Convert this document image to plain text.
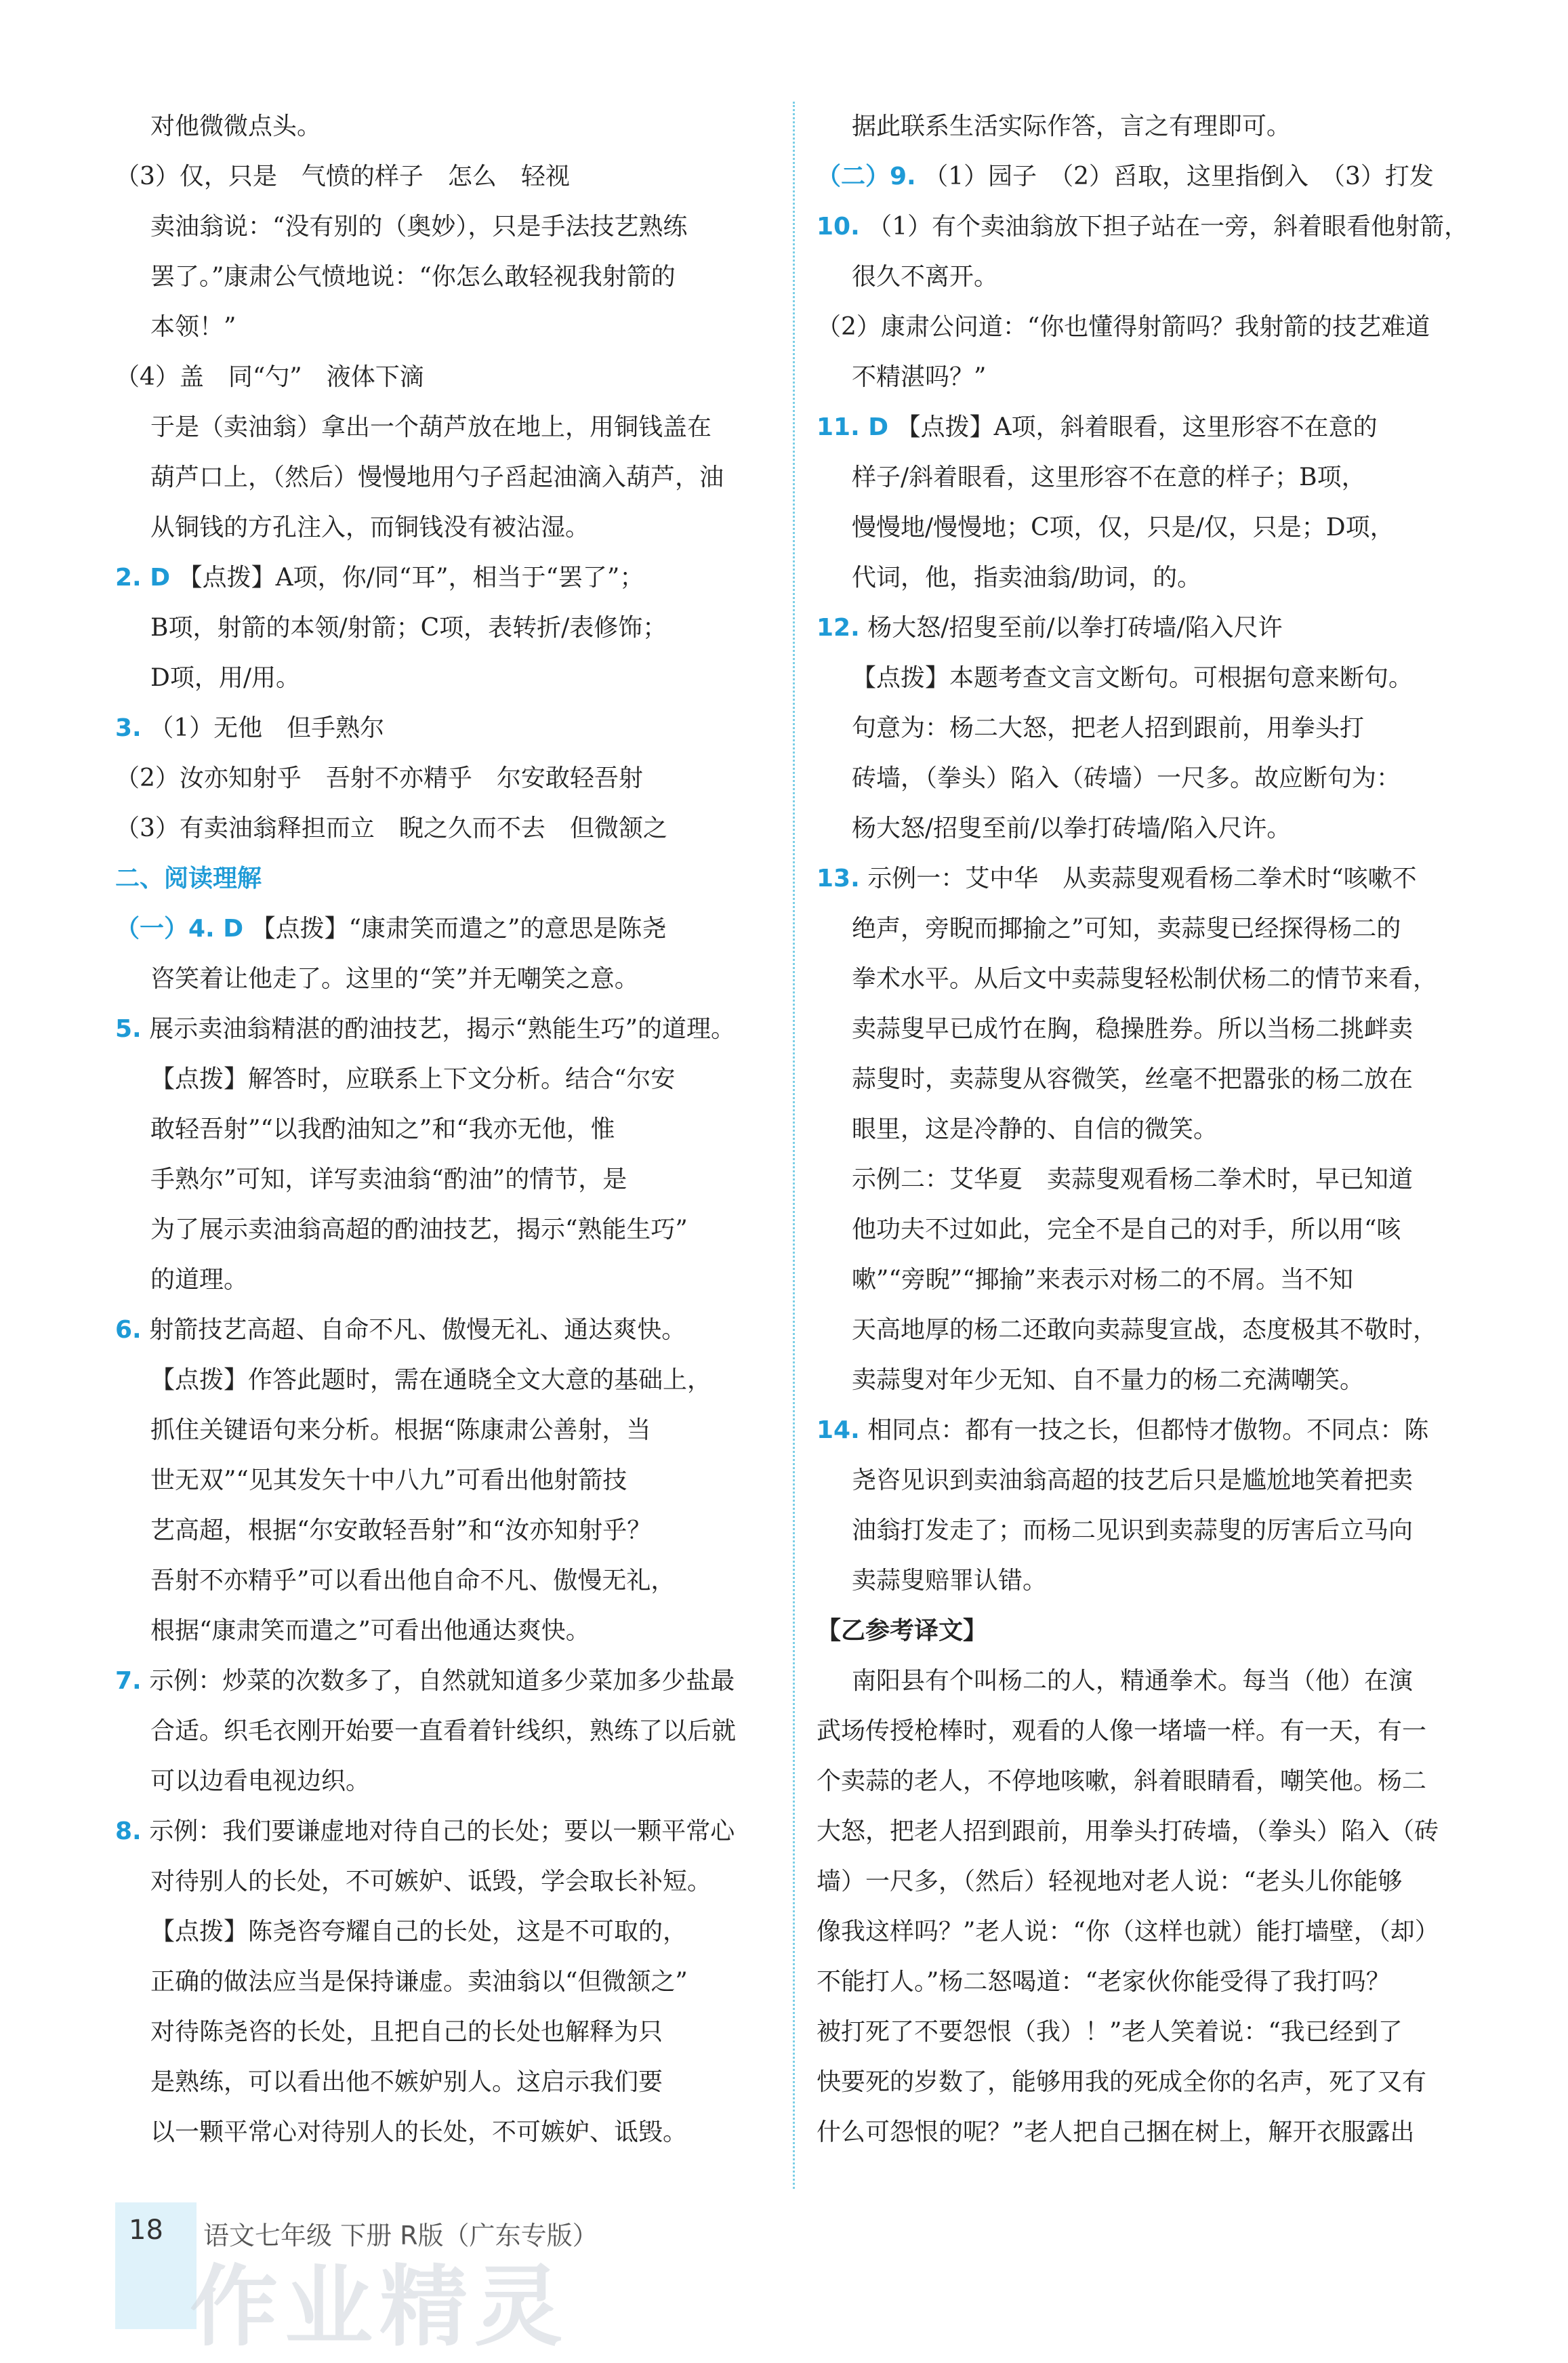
对他微微点头。
（3）仅，只是　气愤的样子　怎么　轻视
卖油翁说：“没有别的（奥妙），只是手法技艺熟练
罢了。”康肃公气愤地说：“你怎么敢轻视我射箭的
本领！”
（4）盖　同“勺”　液体下滴
于是（卖油翁）拿出一个葫芦放在地上，用铜钱盖在
葫芦口上，（然后）慢慢地用勺子舀起油滴入葫芦，油
从铜钱的方孔注入，而铜钱没有被沾湿。
2. D 【点拨】A项，你/同“耳”，相当于“罢了”；
B项，射箭的本领/射箭；C项，表转折/表修饰；
D项，用/用。
3. （1）无他　但手熟尔
（2）汝亦知射乎　吾射不亦精乎　尔安敢轻吾射
（3）有卖油翁释担而立　睨之久而不去　但微颔之
二、阅读理解
（一）4. D 【点拨】“康肃笑而遣之”的意思是陈尧
咨笑着让他走了。这里的“笑”并无嘲笑之意。
5. 展示卖油翁精湛的酌油技艺，揭示“熟能生巧”的道理。
【点拨】解答时，应联系上下文分析。结合“尔安
敢轻吾射”“以我酌油知之”和“我亦无他，惟
手熟尔”可知，详写卖油翁“酌油”的情节，是
为了展示卖油翁高超的酌油技艺，揭示“熟能生巧”
的道理。
6. 射箭技艺高超、自命不凡、傲慢无礼、通达爽快。
【点拨】作答此题时，需在通晓全文大意的基础上，
抓住关键语句来分析。根据“陈康肃公善射，当
世无双”“见其发矢十中八九”可看出他射箭技
艺高超，根据“尔安敢轻吾射”和“汝亦知射乎？
吾射不亦精乎”可以看出他自命不凡、傲慢无礼，
根据“康肃笑而遣之”可看出他通达爽快。
7. 示例：炒菜的次数多了，自然就知道多少菜加多少盐最
合适。织毛衣刚开始要一直看着针线织，熟练了以后就
可以边看电视边织。
8. 示例：我们要谦虚地对待自己的长处；要以一颗平常心
对待别人的长处，不可嫉妒、诋毁，学会取长补短。
【点拨】陈尧咨夸耀自己的长处，这是不可取的，
正确的做法应当是保持谦虚。卖油翁以“但微颔之”
对待陈尧咨的长处，且把自己的长处也解释为只
是熟练，可以看出他不嫉妒别人。这启示我们要
以一颗平常心对待别人的长处，不可嫉妒、诋毁。
据此联系生活实际作答，言之有理即可。
（二）9. （1）园子　（2）舀取，这里指倒入　（3）打发
10. （1）有个卖油翁放下担子站在一旁，斜着眼看他射箭，
很久不离开。
（2）康肃公问道：“你也懂得射箭吗？我射箭的技艺难道
不精湛吗？”
11. D 【点拨】A项，斜着眼看，这里形容不在意的
样子/斜着眼看，这里形容不在意的样子；B项，
慢慢地/慢慢地；C项，仅，只是/仅，只是；D项，
代词，他，指卖油翁/助词，的。
12. 杨大怒/招叟至前/以拳打砖墙/陷入尺许
【点拨】本题考查文言文断句。可根据句意来断句。
句意为：杨二大怒，把老人招到跟前，用拳头打
砖墙，（拳头）陷入（砖墙）一尺多。故应断句为：
杨大怒/招叟至前/以拳打砖墙/陷入尺许。
13. 示例一：艾中华　从卖蒜叟观看杨二拳术时“咳嗽不
绝声，旁睨而揶揄之”可知，卖蒜叟已经探得杨二的
拳术水平。从后文中卖蒜叟轻松制伏杨二的情节来看，
卖蒜叟早已成竹在胸，稳操胜券。所以当杨二挑衅卖
蒜叟时，卖蒜叟从容微笑，丝毫不把嚣张的杨二放在
眼里，这是冷静的、自信的微笑。
示例二：艾华夏　卖蒜叟观看杨二拳术时，早已知道
他功夫不过如此，完全不是自己的对手，所以用“咳
嗽”“旁睨”“揶揄”来表示对杨二的不屑。当不知
天高地厚的杨二还敢向卖蒜叟宣战，态度极其不敬时，
卖蒜叟对年少无知、自不量力的杨二充满嘲笑。
14. 相同点：都有一技之长，但都恃才傲物。不同点：陈
尧咨见识到卖油翁高超的技艺后只是尴尬地笑着把卖
油翁打发走了；而杨二见识到卖蒜叟的厉害后立马向
卖蒜叟赔罪认错。
【乙参考译文】
南阳县有个叫杨二的人，精通拳术。每当（他）在演
武场传授枪棒时，观看的人像一堵墙一样。有一天，有一
个卖蒜的老人，不停地咳嗽，斜着眼睛看，嘲笑他。杨二
大怒，把老人招到跟前，用拳头打砖墙，（拳头）陷入（砖
墙）一尺多，（然后）轻视地对老人说：“老头儿你能够
像我这样吗？”老人说：“你（这样也就）能打墙壁，（却）
不能打人。”杨二怒喝道：“老家伙你能受得了我打吗？
被打死了不要怨恨（我）！”老人笑着说：“我已经到了
快要死的岁数了，能够用我的死成全你的名声，死了又有
什么可怨恨的呢？”老人把自己捆在树上，解开衣服露出
18 语文七年级 下册 R版（广东专版）
作业精灵
